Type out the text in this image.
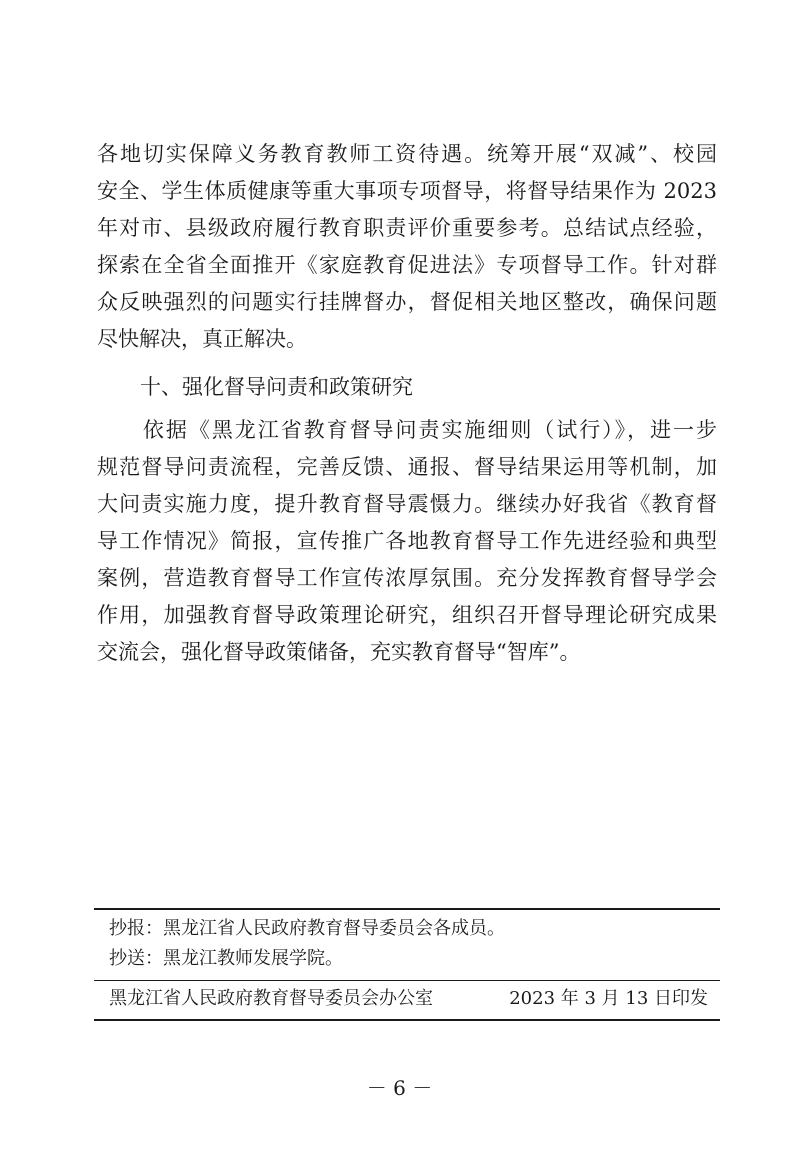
各地切实保障义务教育教师工资待遇。统筹开展“双减”、校园
安全、学生体质健康等重大事项专项督导，将督导结果作为 2023
年对市、县级政府履行教育职责评价重要参考。总结试点经验，
探索在全省全面推开《家庭教育促进法》专项督导工作。针对群
众反映强烈的问题实行挂牌督办，督促相关地区整改，确保问题
尽快解决，真正解决。
十、强化督导问责和政策研究
　　依据《黑龙江省教育督导问责实施细则（试行）》，进一步
规范督导问责流程，完善反馈、通报、督导结果运用等机制，加
大问责实施力度，提升教育督导震慑力。继续办好我省《教育督
导工作情况》简报，宣传推广各地教育督导工作先进经验和典型
案例，营造教育督导工作宣传浓厚氛围。充分发挥教育督导学会
作用，加强教育督导政策理论研究，组织召开督导理论研究成果
交流会，强化督导政策储备，充实教育督导“智库”。
抄报：黑龙江省人民政府教育督导委员会各成员。
抄送：黑龙江教师发展学院。
黑龙江省人民政府教育督导委员会办公室	2023 年 3 月 13 日印发
－ 6 －
